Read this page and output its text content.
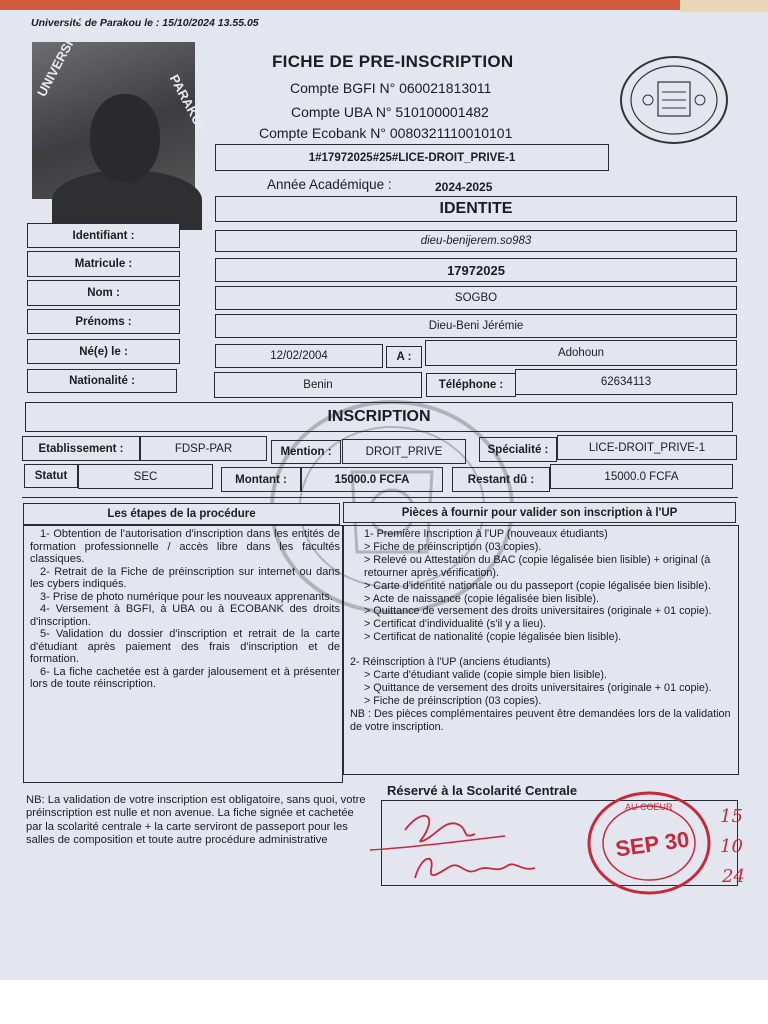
Université de Parakou le : 15/10/2024 13.55.05
UNIVERSITE D
PARAKOU
FICHE DE PRE-INSCRIPTION
Compte BGFI N° 060021813011
Compte UBA N° 510100001482
Compte Ecobank N° 0080321110010101
1#17972025#25#LICE-DROIT_PRIVE-1
Année Académique :	2024-2025
IDENTITE
Identifiant :	dieu-benijerem.so983
Matricule :	17972025
Nom :	SOGBO
Prénoms :	Dieu-Beni Jérémie
Né(e) le :	12/02/2004	A :	Adohoun
Nationalité :	Benin	Téléphone :	62634113
INSCRIPTION
Etablissement :	FDSP-PAR	Mention :	DROIT_PRIVE	Spécialité :	LICE-DROIT_PRIVE-1
Statut	SEC	Montant :	15000.0 FCFA	Restant dû :	15000.0 FCFA
Les étapes de la procédure	Pièces à fournir pour valider son inscription à l'UP

1- Obtention de l'autorisation d'inscription dans les entités de formation professionnelle / accès libre dans les facultés classiques.

2- Retrait de la Fiche de préinscription sur internet ou dans les cybers indiqués.

3- Prise de photo numérique pour les nouveaux apprenants.

4- Versement à BGFI, à UBA ou à ECOBANK des droits d'inscription.

5- Validation du dossier d'inscription et retrait de la carte d'étudiant après paiement des frais d'inscription et de formation.

6- La fiche cachetée est à garder jalousement et à présenter lors de toute réinscription.

1- Première Inscription à l'UP (nouveaux étudiants)

> Fiche de préinscription (03 copies).

> Relevé ou Attestation du BAC (copie légalisée bien lisible) + original (à retourner après vérification).

> Carte d'identité nationale ou du passeport (copie légalisée bien lisible).

> Acte de naissance (copie légalisée bien lisible).

> Quittance de versement des droits universitaires (originale + 01 copie).

> Certificat d'individualité (s'il y a lieu).

> Certificat de nationalité (copie légalisée bien lisible).

2- Réinscription à l'UP (anciens étudiants)

> Carte d'étudiant valide (copie simple bien lisible).

> Quittance de versement des droits universitaires (originale + 01 copie).

> Fiche de préinscription (03 copies).

NB : Des pièces complémentaires peuvent être demandées lors de la validation de votre inscription.

NB: La validation de votre inscription est obligatoire, sans quoi, votre préinscription est nulle et non avenue. La fiche signée et cachetée par la scolarité centrale + la carte serviront de passeport pour les salles de composition et toute autre procédure administrative
Réservé à la Scolarité Centrale
AU COEUR
SEP 30
15
10
24
